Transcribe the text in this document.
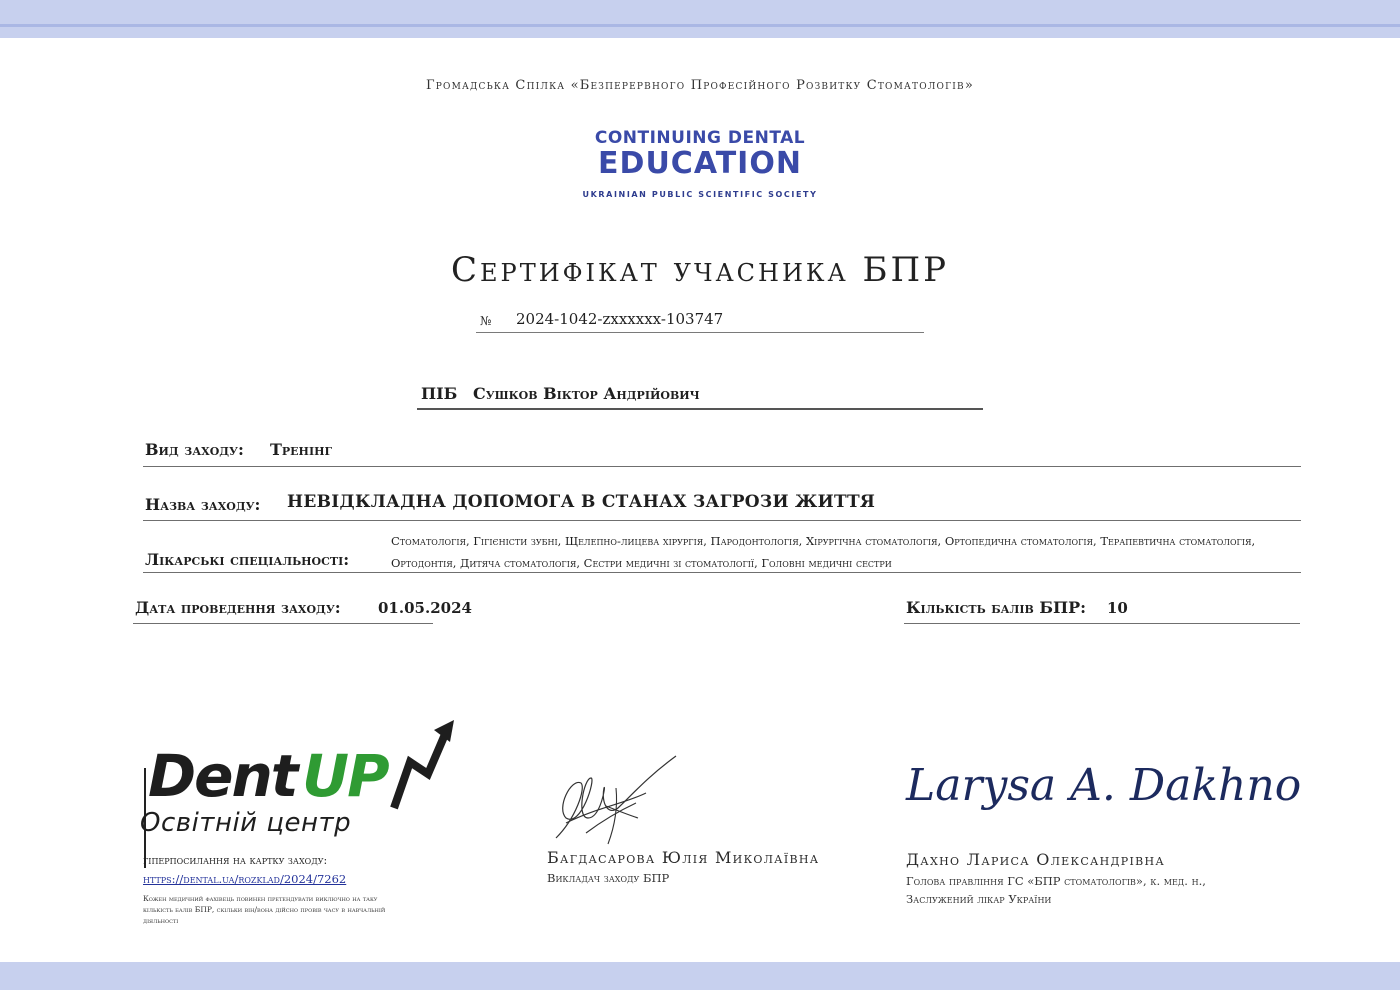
Громадська Спілка «Безперервного Професійного Розвитку Стоматологів»
CONTINUING DENTAL
EDUCATION
UKRAINIAN PUBLIC SCIENTIFIC SOCIETY
Сертифікат учасника БПР
№ 2024-1042-zxxxxxx-103747
ПІБ Сушков Віктор Андрійович
Вид заходу: Тренінг
Назва заходу: НЕВІДКЛАДНА ДОПОМОГА В СТАНАХ ЗАГРОЗИ ЖИТТЯ
Лікарські спеціальності:
Стоматологія, Гігієністи зубні, Щелепно-лицева хірургія, Пародонтологія, Хірургічна стоматологія, Ортопедична стоматологія, Терапевтична стоматологія, Ортодонтія, Дитяча стоматологія, Сестри медичні зі стоматології, Головні медичні сестри
Дата проведення заходу: 01.05.2024	Кількість балів БПР: 10
Dent UP
Освітній центр
гіперпосилання на картку заходу:
https://dental.ua/rozklad/2024/7262
Кожен медичний фахівець повинен претендувати виключно на таку кількість балів БПР, скільки він/вона дійсно провів часу в навчальній діяльності
Larysa A. Dakhno
Багдасарова Юлія Миколаївна
Викладач заходу БПР
Дахно Лариса Олександрівна
Голова правління ГС «БПР стоматологів», к. мед. н., Заслужений лікар України
